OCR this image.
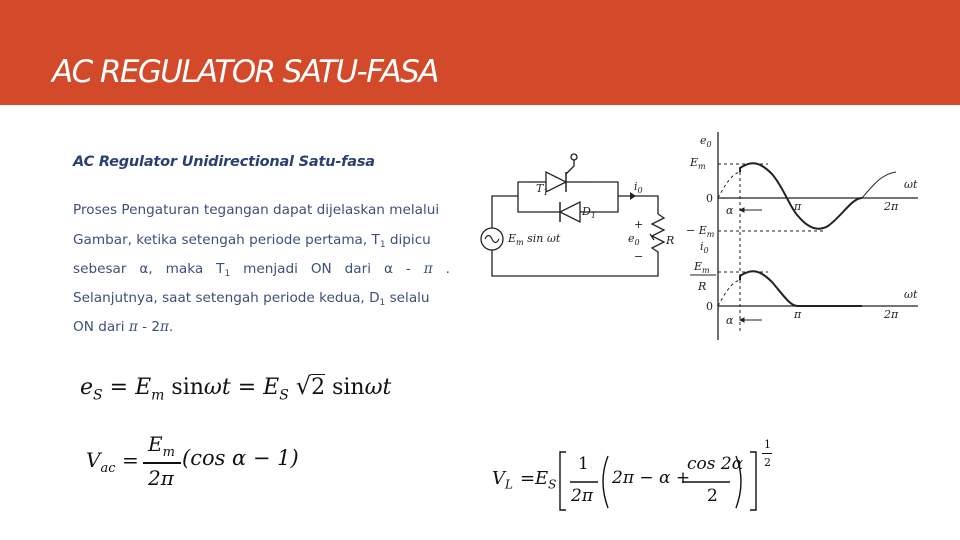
AC REGULATOR SATU-FASA
AC Regulator Unidirectional Satu-fasa
Proses Pengaturan tegangan dapat dijelaskan melalui
Gambar, ketika setengah periode pertama, $T_1$ dipicu
sebesar α, maka $T_1$ menjadi ON dari α - π .
Selanjutnya, saat setengah periode kedua, $D_1$ selalu
ON dari π - 2π.
$T_1$
$D_1$
$i_0$
$E_m$ sin ωt	R
$e_0$
+
−
$e_0$
$E_m$
0
α	π	2π
ωt
− $E_m$
$i_0$
$E_m$
R
0
α	π	2π
ωt
$e_S = E_m$ $\sin\omega t = E_S$ √2 sinωt
$V_{ac}$ =
$E_m$
2π
(cos α − 1)
$V_L = E_S$
1
2π
2π − α +
cos 2α
2
1
2
